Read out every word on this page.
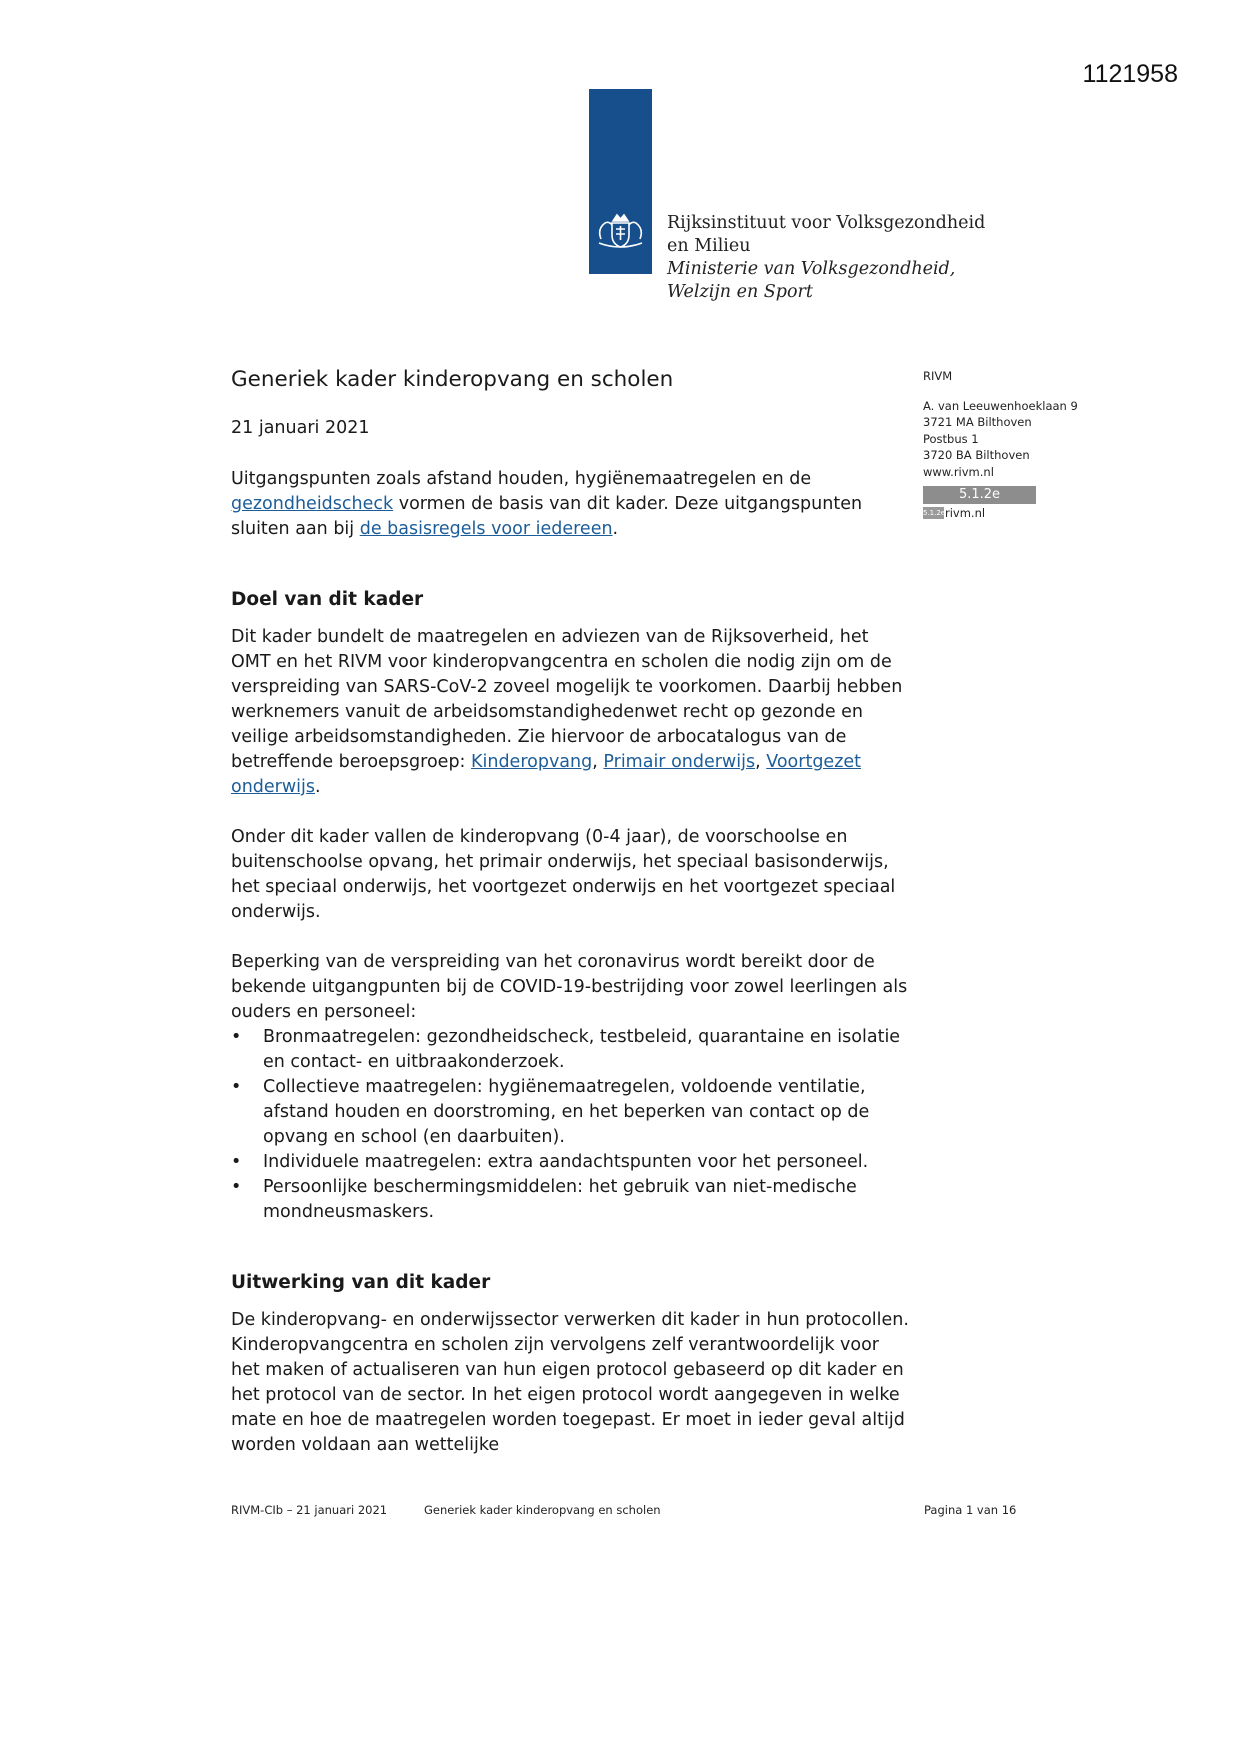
1121958
Rijksinstituut voor Volksgezondheid
en Milieu
Ministerie van Volksgezondheid,
Welzijn en Sport
RIVM
A. van Leeuwenhoeklaan 9
3721 MA Bilthoven
Postbus 1
3720 BA Bilthoven
www.rivm.nl
5.1.2e
5.1.2e rivm.nl
Generiek kader kinderopvang en scholen
21 januari 2021

Uitgangspunten zoals afstand houden, hygiënemaatregelen en de gezondheidscheck vormen de basis van dit kader. Deze uitgangspunten sluiten aan bij de basisregels voor iedereen.

Doel van dit kader

Dit kader bundelt de maatregelen en adviezen van de Rijksoverheid, het OMT en het RIVM voor kinderopvangcentra en scholen die nodig zijn om de verspreiding van SARS-CoV-2 zoveel mogelijk te voorkomen. Daarbij hebben werknemers vanuit de arbeidsomstandighedenwet recht op gezonde en veilige arbeidsomstandigheden. Zie hiervoor de arbocatalogus van de betreffende beroepsgroep: Kinderopvang, Primair onderwijs, Voortgezet onderwijs.

Onder dit kader vallen de kinderopvang (0-4 jaar), de voorschoolse en buitenschoolse opvang, het primair onderwijs, het speciaal basisonderwijs, het speciaal onderwijs, het voortgezet onderwijs en het voortgezet speciaal onderwijs.

Beperking van de verspreiding van het coronavirus wordt bereikt door de bekende uitgangpunten bij de COVID-19-bestrijding voor zowel leerlingen als ouders en personeel:

• Bronmaatregelen: gezondheidscheck, testbeleid, quarantaine en isolatie en contact- en uitbraakonderzoek.
• Collectieve maatregelen: hygiënemaatregelen, voldoende ventilatie, afstand houden en doorstroming, en het beperken van contact op de opvang en school (en daarbuiten).
• Individuele maatregelen: extra aandachtspunten voor het personeel.
• Persoonlijke beschermingsmiddelen: het gebruik van niet-medische mondneusmaskers.
Uitwerking van dit kader

De kinderopvang- en onderwijssector verwerken dit kader in hun protocollen. Kinderopvangcentra en scholen zijn vervolgens zelf verantwoordelijk voor het maken of actualiseren van hun eigen protocol gebaseerd op dit kader en het protocol van de sector. In het eigen protocol wordt aangegeven in welke mate en hoe de maatregelen worden toegepast. Er moet in ieder geval altijd worden voldaan aan wettelijke

RIVM-CIb – 21 januari 2021	Generiek kader kinderopvang en scholen	Pagina 1 van 16
